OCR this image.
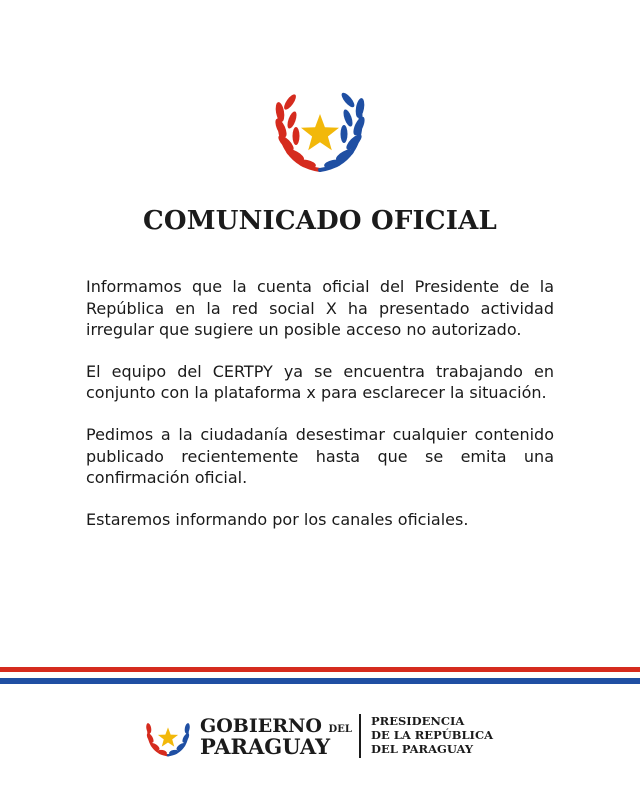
COMUNICADO OFICIAL

Informamos que la cuenta oficial del Presidente de la República en la red social X ha presentado actividad irregular que sugiere un posible acceso no autorizado.

El equipo del CERTPY ya se encuentra trabajando en conjunto con la plataforma x para esclarecer la situación.

Pedimos a la ciudadanía desestimar cualquier contenido publicado recientemente hasta que se emita una confirmación oficial.

Estaremos informando por los canales oficiales.

GOBIERNO DEL
PARAGUAY
PRESIDENCIA
DE LA REPÚBLICA
DEL PARAGUAY
